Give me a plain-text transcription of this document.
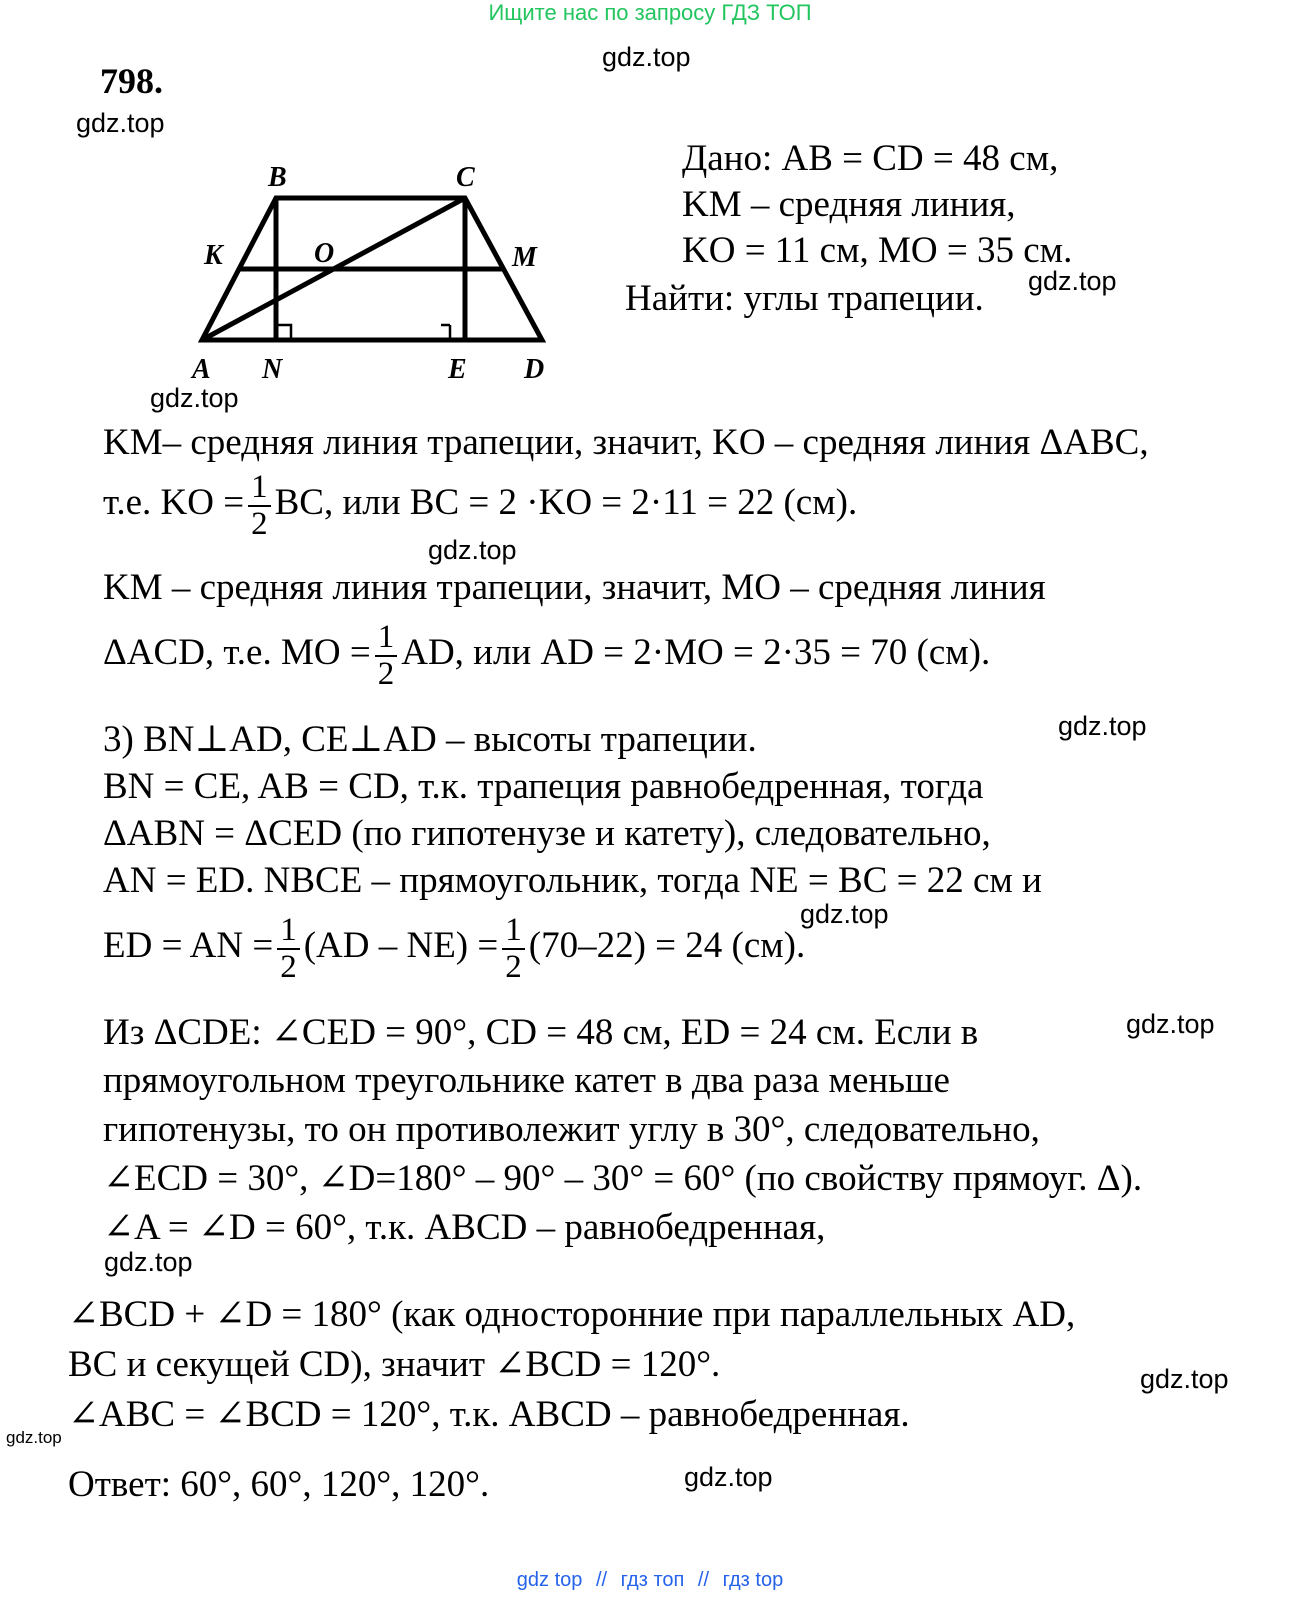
Ищите нас по запросу ГДЗ ТОП
798.
gdz.top
gdz.top
gdz.top
gdz.top
gdz.top
gdz.top
gdz.top
gdz.top
gdz.top
gdz.top
gdz.top
gdz.top
B	C
K	O	M
A N	E D
Дано: AB = CD = 48 см,
KM – средняя линия,
KO = 11 см, MO = 35 см.
Найти: углы трапеции.
KM– средняя линия трапеции, значит, KO – средняя линия ΔABC,
т.е. KO = $\frac{1}{2}$ BC, или BC = 2 ·KO = 2·11 = 22 (см).
KM – средняя линия трапеции, значит, MO – средняя линия
ΔACD, т.е. MO = $\frac{1}{2}$ AD, или AD = 2·MO = 2·35 = 70 (см).
3) BN⊥AD, CE⊥AD – высоты трапеции.
BN = CE, AB = CD, т.к. трапеция равнобедренная, тогда
ΔABN = ΔCED (по гипотенузе и катету), следовательно,
AN = ED. NBCE – прямоугольник, тогда NE = BC = 22 см и
ED = AN = $\frac{1}{2} (AD - NE) = \frac{1}{2} (70-22) = 24$ (см).
Из ΔCDE: ∠CED = 90°, CD = 48 см, ED = 24 см. Если в
прямоугольном треугольнике катет в два раза меньше
гипотенузы, то он противолежит углу в 30°, следовательно,
∠ECD = 30°, ∠D=180° – 90° – 30° = 60° (по свойству прямоуг. Δ).
∠A = ∠D = 60°, т.к. ABCD – равнобедренная,
∠BCD + ∠D = 180° (как односторонние при параллельных AD,
BC и секущей CD), значит ∠BCD = 120°.
∠ABC = ∠BCD = 120°, т.к. ABCD – равнобедренная.
Ответ: 60°, 60°, 120°, 120°.
gdz top // гдз топ // гдз top
